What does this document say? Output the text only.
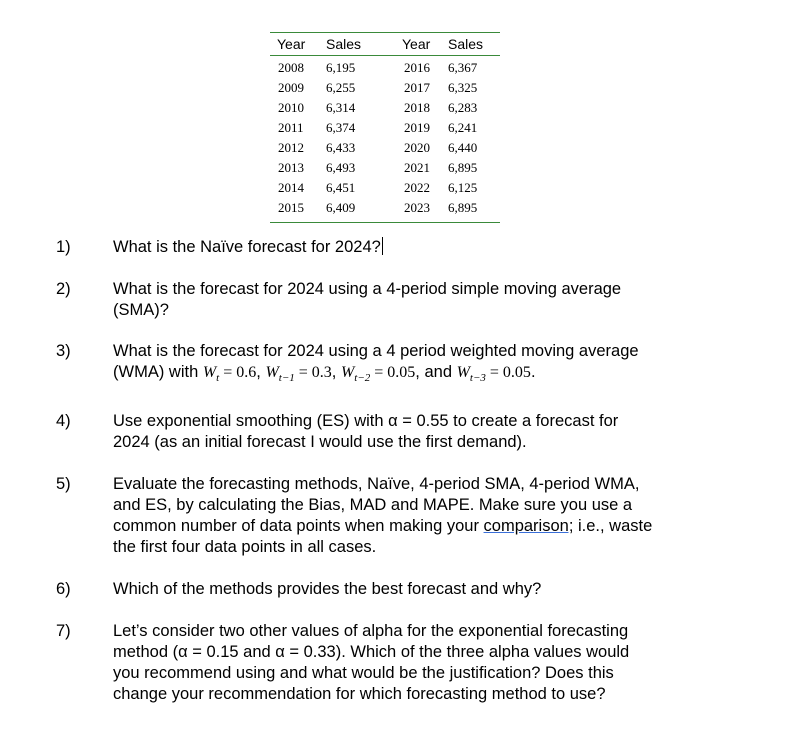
Year	Sales	Year	Sales
2008	6,195	2016	6,367
2009	6,255	2017	6,325
2010	6,314	2018	6,283
2011	6,374	2019	6,241
2012	6,433	2020	6,440
2013	6,493	2021	6,895
2014	6,451	2022	6,125
2015	6,409	2023	6,895
1)	What is the Naïve forecast for 2024?
2)	What is the forecast for 2024 using a 4-period simple moving average
(SMA)?
3)	What is the forecast for 2024 using a 4 period weighted moving average
(WMA) with $W_t = 0.6$, $W_{t-1} = 0.3$, $W_{t-2} = 0.05$, and $W_{t-3} = 0.05$.
4)	Use exponential smoothing (ES) with α = 0.55 to create a forecast for
2024 (as an initial forecast I would use the first demand).
5)	Evaluate the forecasting methods, Naïve, 4-period SMA, 4-period WMA,
and ES, by calculating the Bias, MAD and MAPE. Make sure you use a
common number of data points when making your comparison; i.e., waste
the first four data points in all cases.
6)	Which of the methods provides the best forecast and why?
7)	Let’s consider two other values of alpha for the exponential forecasting
method (α = 0.15 and α = 0.33). Which of the three alpha values would
you recommend using and what would be the justification? Does this
change your recommendation for which forecasting method to use?
